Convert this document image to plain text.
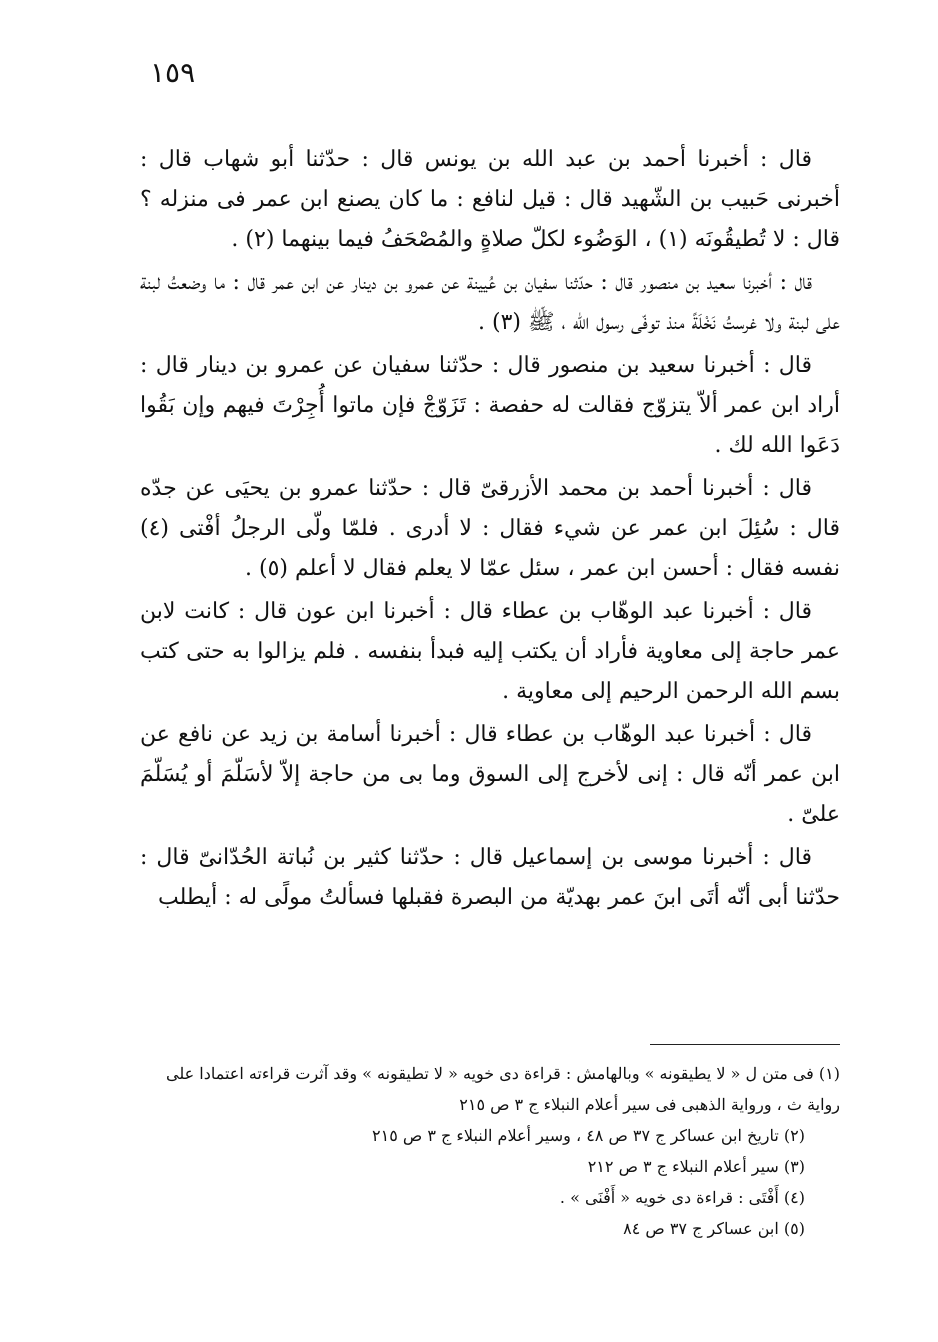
١٥٩

قال : أخبرنا أحمد بن عبد الله بن يونس قال : حدّثنا أبو شهاب قال : أخبرنى حَبيب بن الشّهيد قال : قيل لنافع : ما كان يصنع ابن عمر فى منزله ؟ قال : لا تُطيقُونَه (١) ، الوَضُوء لكلّ صلاةٍ والمُصْحَفُ فيما بينهما (٢) .

قال : أخبرنا سعيد بن منصور قال : حدّثنا سفيان بن عُيينة عن عمرو بن دينار عن ابن عمر قال : ما وضعتُ لبنة على لبنة ولا غرستُ نَخْلَةً منذ توفّى رسول الله ، ﷺ (٣) .

قال : أخبرنا سعيد بن منصور قال : حدّثنا سفيان عن عمرو بن دينار قال : أراد ابن عمر ألاّ يتزوّج فقالت له حفصة : تَزَوّجْ فإن ماتوا أُجِرْتَ فيهم وإن بَقُوا دَعَوا الله لك .

قال : أخبرنا أحمد بن محمد الأزرقىّ قال : حدّثنا عمرو بن يحيَى عن جدّه قال : سُئِلَ ابن عمر عن شيء فقال : لا أدرى . فلمّا ولّى الرجلُ أفْتى (٤) نفسه فقال : أحسن ابن عمر ، سئل عمّا لا يعلم فقال لا أعلم (٥) .

قال : أخبرنا عبد الوهّاب بن عطاء قال : أخبرنا ابن عون قال : كانت لابن عمر حاجة إلى معاوية فأراد أن يكتب إليه فبدأ بنفسه . فلم يزالوا به حتى كتب بسم الله الرحمن الرحيم إلى معاوية .

قال : أخبرنا عبد الوهّاب بن عطاء قال : أخبرنا أسامة بن زيد عن نافع عن ابن عمر أنّه قال : إنى لأخرج إلى السوق وما بى من حاجة إلاّ لأسَلّمَ أو يُسَلّمَ علىّ .

قال : أخبرنا موسى بن إسماعيل قال : حدّثنا كثير بن نُباتة الحُدّانىّ قال : حدّثنا أبى أنّه أتَى ابنَ عمر بهديّة من البصرة فقبلها فسألتُ مولًى له : أيطلب

(١) فى متن ل « لا يطيقونه » وبالهامش : قراءة دى خويه « لا تطيقونه » وقد آثرت قراءته اعتمادا على رواية ث ، ورواية الذهبى فى سير أعلام النبلاء ج ٣ ص ٢١٥

(٢) تاريخ ابن عساكر ج ٣٧ ص ٤٨ ، وسير أعلام النبلاء ج ٣ ص ٢١٥

(٣) سير أعلام النبلاء ج ٣ ص ٢١٢

(٤) أَفْتَى : قراءة دى خويه « أَفْنَى » .

(٥) ابن عساكر ج ٣٧ ص ٨٤
